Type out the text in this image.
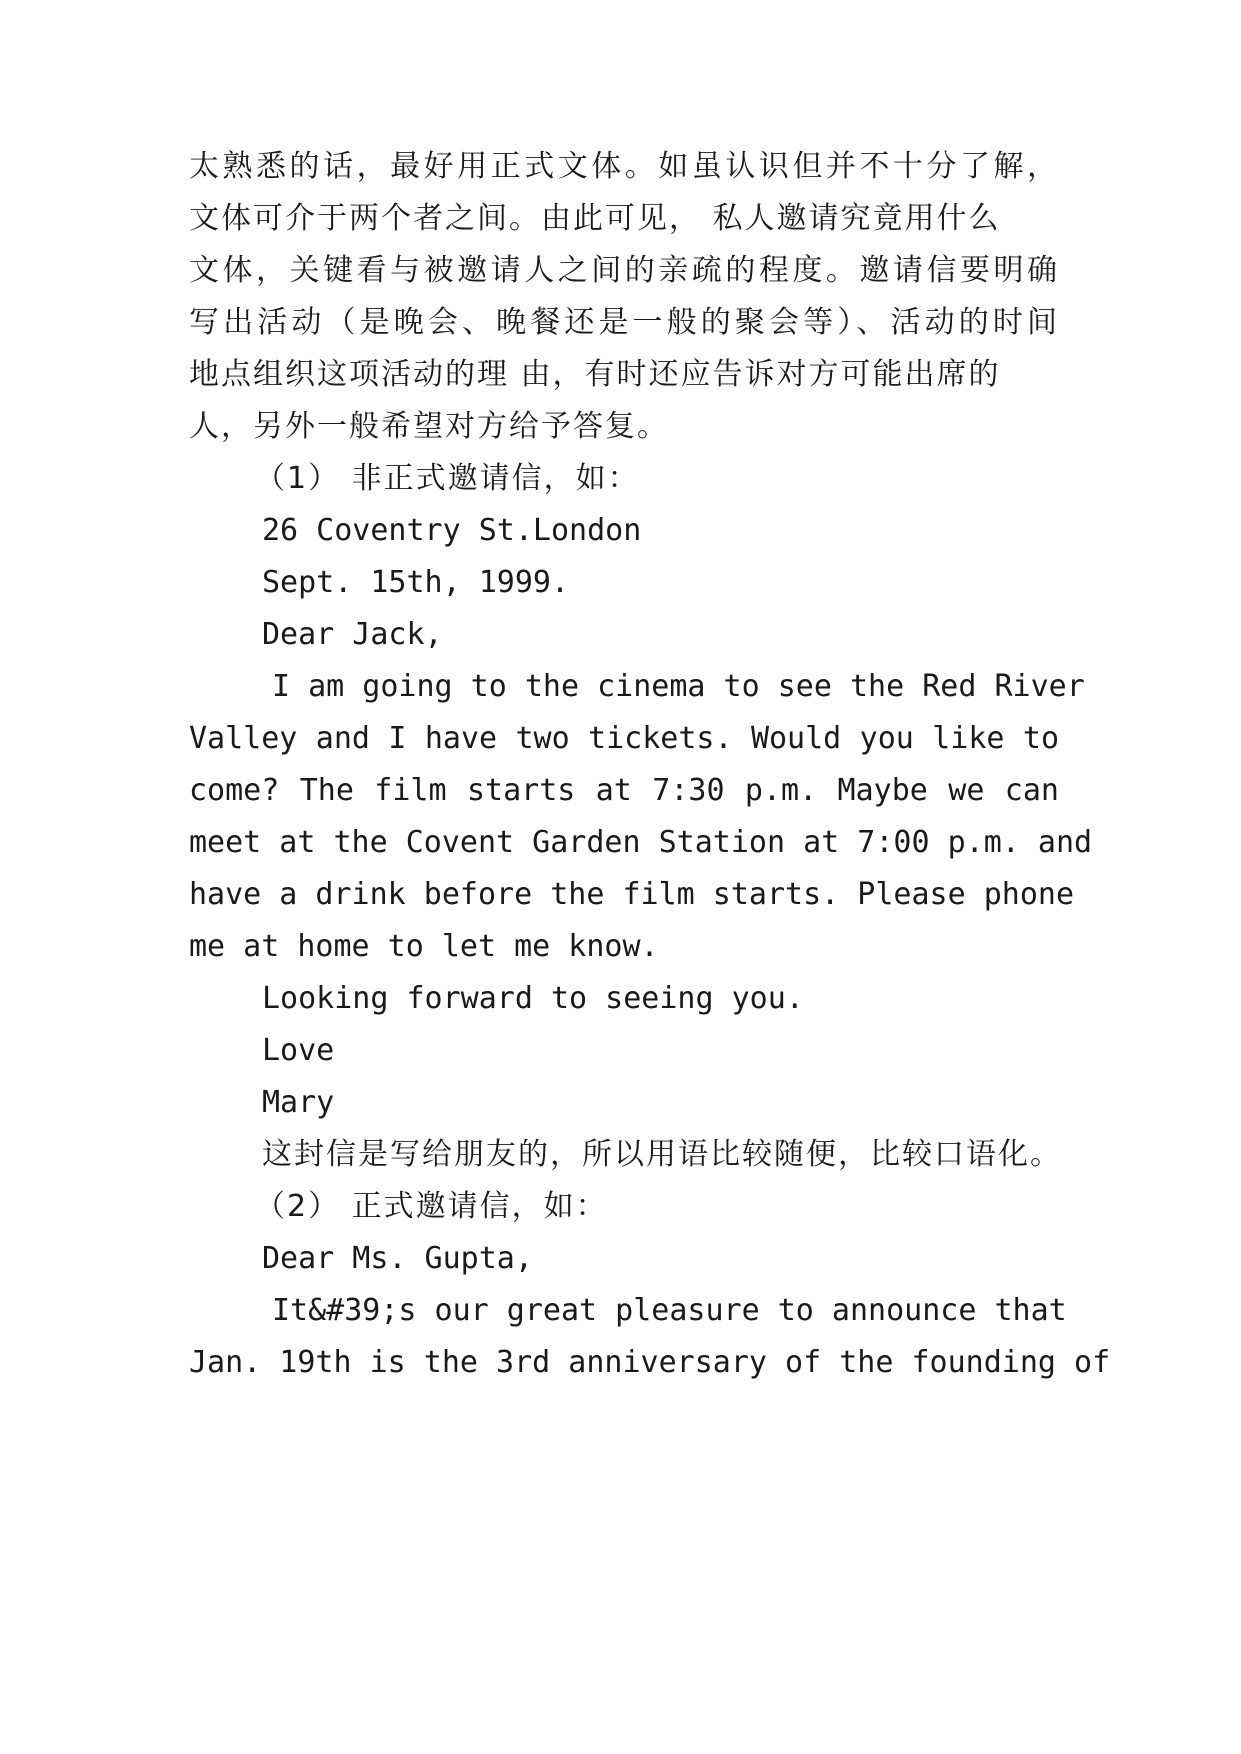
太熟悉的话，最好用正式文体。如虽认识但并不十分了解，
文体可介于两个者之间。由此可见， 私人邀请究竟用什么
文体，关键看与被邀请人之间的亲疏的程度。邀请信要明确
写出活动（是晚会、晚餐还是一般的聚会等）、活动的时间
地点组织这项活动的理 由，有时还应告诉对方可能出席的
人，另外一般希望对方给予答复。
（1） 非正式邀请信，如：
26 Coventry St.London
Sept. 15th, 1999.
Dear Jack,
I am going to the cinema to see the Red River
Valley and I have two tickets. Would you like to
come? The film starts at 7:30 p.m. Maybe we can
meet at the Covent Garden Station at 7:00 p.m. and
have a drink before the film starts. Please phone
me at home to let me know.
Looking forward to seeing you.
Love
Mary
这封信是写给朋友的，所以用语比较随便，比较口语化。
（2） 正式邀请信，如：
Dear Ms. Gupta,
It&#39;s our great pleasure to announce that
Jan. 19th is the 3rd anniversary of the founding of
